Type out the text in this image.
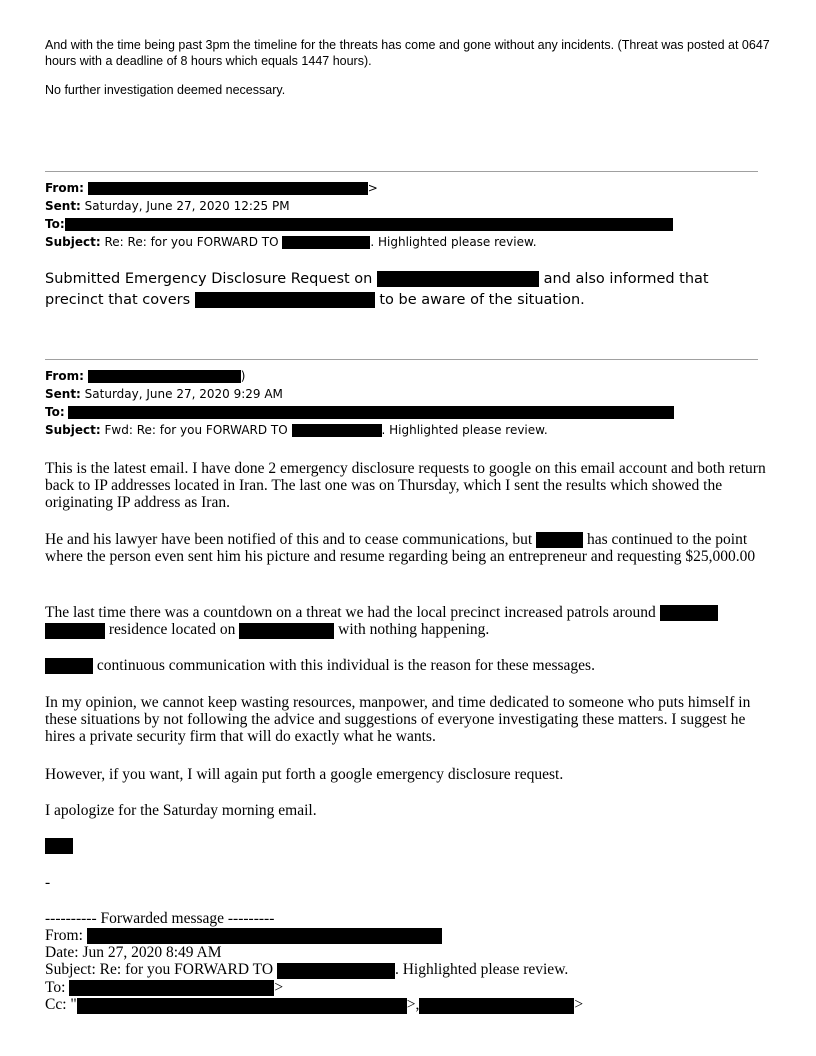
And with the time being past 3pm the timeline for the threats has come and gone without any incidents. (Threat was posted at 0647 hours with a deadline of 8 hours which equals 1447 hours).

No further investigation deemed necessary.

From:	>

Sent: Saturday, June 27, 2020 12:25 PM

To:

Subject: Re: Re: for you FORWARD TO	. Highlighted please review.

Submitted Emergency Disclosure Request on	and also informed that precinct that covers	to be aware of the situation.

From:	)

Sent: Saturday, June 27, 2020 9:29 AM

To:

Subject: Fwd: Re: for you FORWARD TO	. Highlighted please review.

This is the latest email. I have done 2 emergency disclosure requests to google on this email account and both return back to IP addresses located in Iran. The last one was on Thursday, which I sent the results which showed the originating IP address as Iran.

He and his lawyer have been notified of this and to cease communications, but	has continued to the point where the person even sent him his picture and resume regarding being an entrepreneur and requesting $25,000.00

The last time there was a countdown on a threat we had the local precinct increased patrols around
residence located on	with nothing happening.

continuous communication with this individual is the reason for these messages.

In my opinion, we cannot keep wasting resources, manpower, and time dedicated to someone who puts himself in these situations by not following the advice and suggestions of everyone investigating these matters. I suggest he hires a private security firm that will do exactly what he wants.

However, if you want, I will again put forth a google emergency disclosure request.

I apologize for the Saturday morning email.

-

---------- Forwarded message ---------

From:

Date: Jun 27, 2020 8:49 AM

Subject: Re: for you FORWARD TO	. Highlighted please review.

To:	>

Cc: "	>,	>
